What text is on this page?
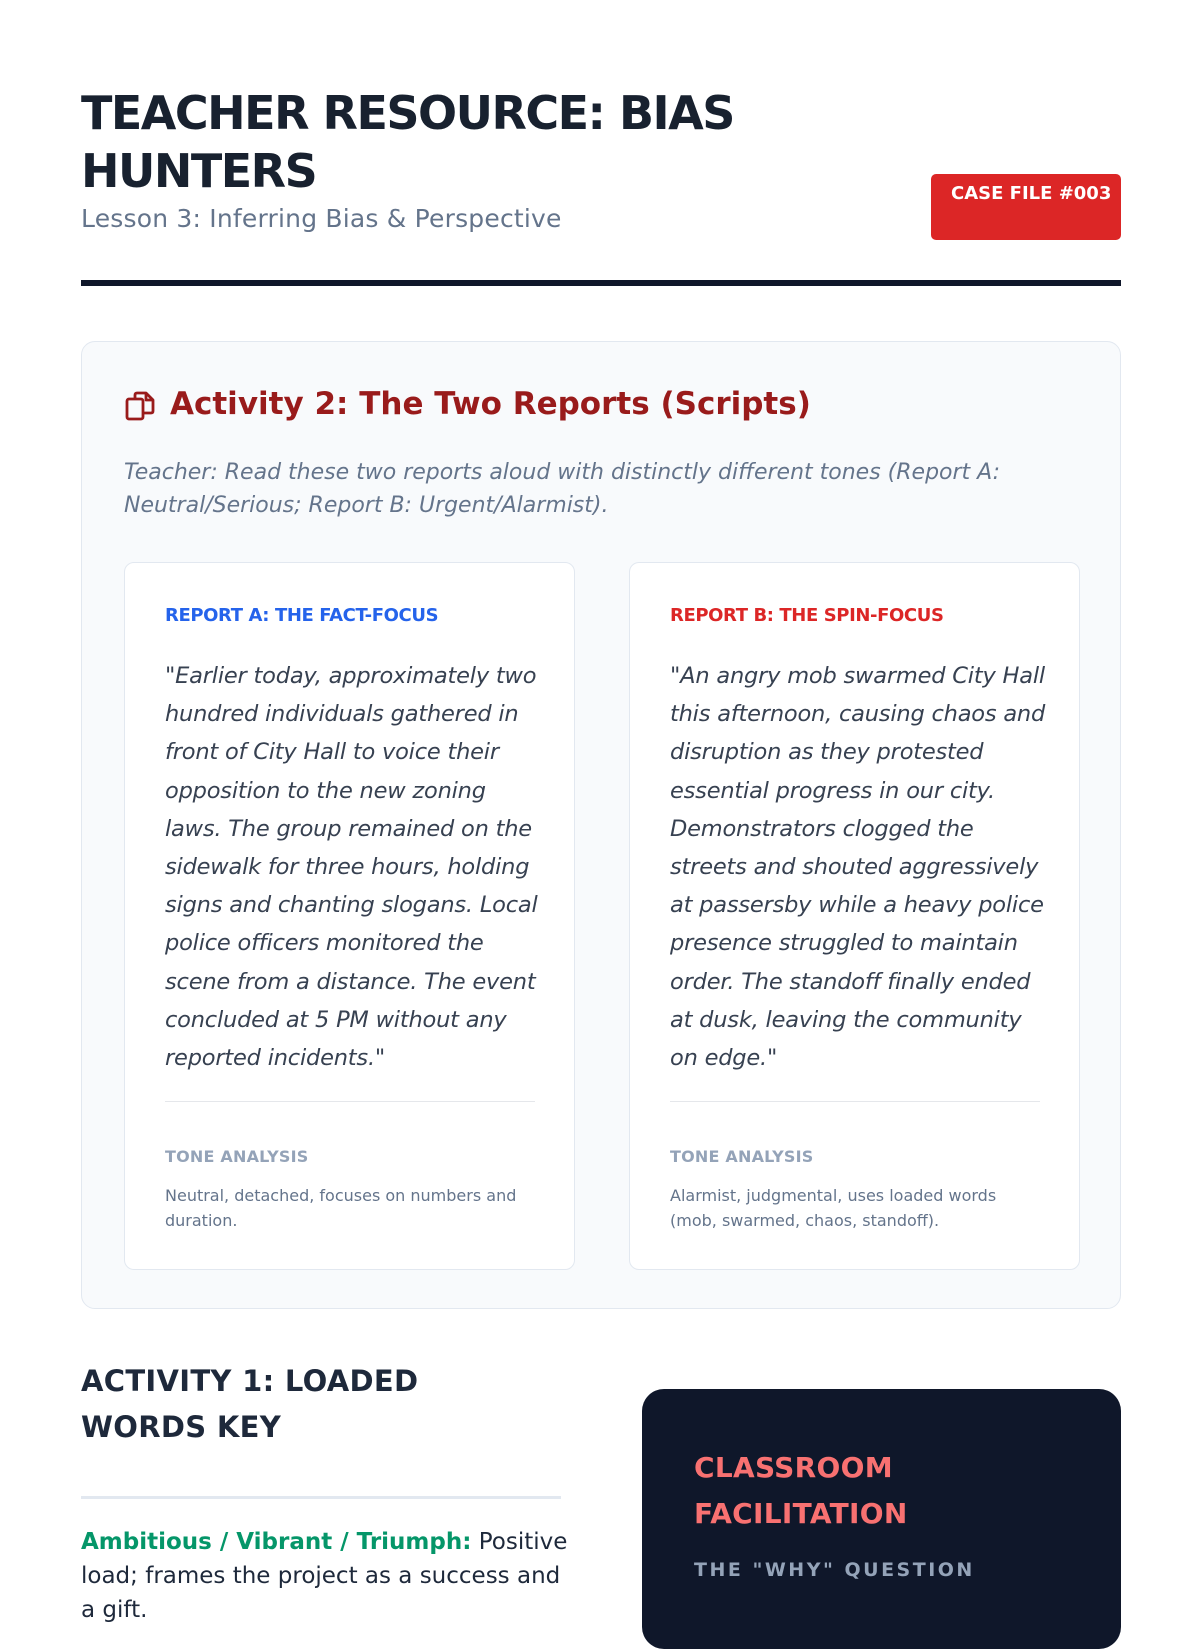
TEACHER RESOURCE: BIAS HUNTERS
Lesson 3: Inferring Bias & Perspective
CASE FILE #003
Activity 2: The Two Reports (Scripts)

Teacher: Read these two reports aloud with distinctly different tones (Report A: Neutral/Serious; Report B: Urgent/Alarmist).

REPORT A: THE FACT-FOCUS

"Earlier today, approximately two hundred individuals gathered in front of City Hall to voice their opposition to the new zoning laws. The group remained on the sidewalk for three hours, holding signs and chanting slogans. Local police officers monitored the scene from a distance. The event concluded at 5 PM without any reported incidents."

TONE ANALYSIS

Neutral, detached, focuses on numbers and duration.

REPORT B: THE SPIN-FOCUS

"An angry mob swarmed City Hall this afternoon, causing chaos and disruption as they protested essential progress in our city. Demonstrators clogged the streets and shouted aggressively at passersby while a heavy police presence struggled to maintain order. The standoff finally ended at dusk, leaving the community on edge."

TONE ANALYSIS

Alarmist, judgmental, uses loaded words (mob, swarmed, chaos, standoff).

ACTIVITY 1: LOADED WORDS KEY

Ambitious / Vibrant / Triumph: Positive load; frames the project as a success and a gift.

CLASSROOM FACILITATION
THE "WHY" QUESTION
